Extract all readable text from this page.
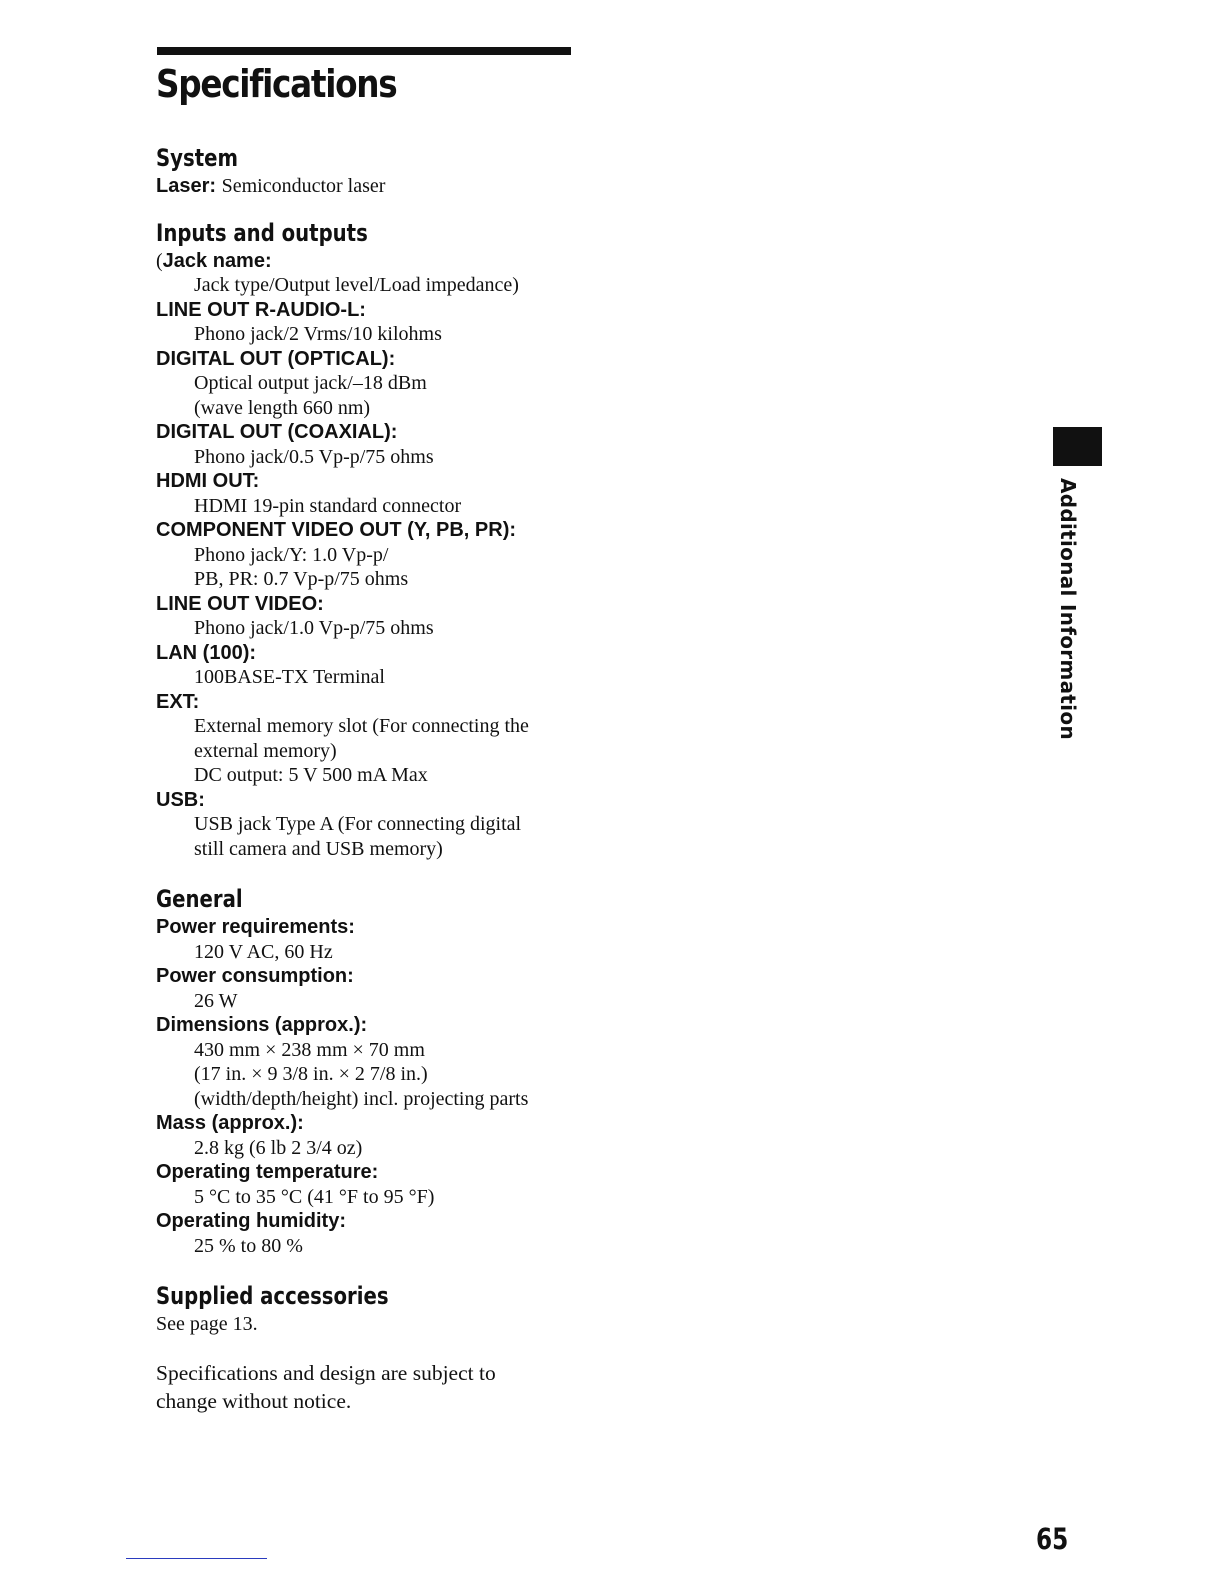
Specifications
System
Laser: Semiconductor laser
Inputs and outputs
(Jack name:
Jack type/Output level/Load impedance)
LINE OUT R-AUDIO-L:
Phono jack/2 Vrms/10 kilohms
DIGITAL OUT (OPTICAL):
Optical output jack/–18 dBm
(wave length 660 nm)
DIGITAL OUT (COAXIAL):
Phono jack/0.5 Vp-p/75 ohms
HDMI OUT:
HDMI 19-pin standard connector
COMPONENT VIDEO OUT (Y, PB, PR):
Phono jack/Y: 1.0 Vp-p/
PB, PR: 0.7 Vp-p/75 ohms
LINE OUT VIDEO:
Phono jack/1.0 Vp-p/75 ohms
LAN (100):
100BASE-TX Terminal
EXT:
External memory slot (For connecting the
external memory)
DC output: 5 V 500 mA Max
USB:
USB jack Type A (For connecting digital
still camera and USB memory)
General
Power requirements:
120 V AC, 60 Hz
Power consumption:
26 W
Dimensions (approx.):
430 mm × 238 mm × 70 mm
(17 in. × 9 3/8 in. × 2 7/8 in.)
(width/depth/height) incl. projecting parts
Mass (approx.):
2.8 kg (6 lb 2 3/4 oz)
Operating temperature:
5 °C to 35 °C (41 °F to 95 °F)
Operating humidity:
25 % to 80 %
Supplied accessories
See page 13.
Specifications and design are subject to
change without notice.
Additional Information
65
